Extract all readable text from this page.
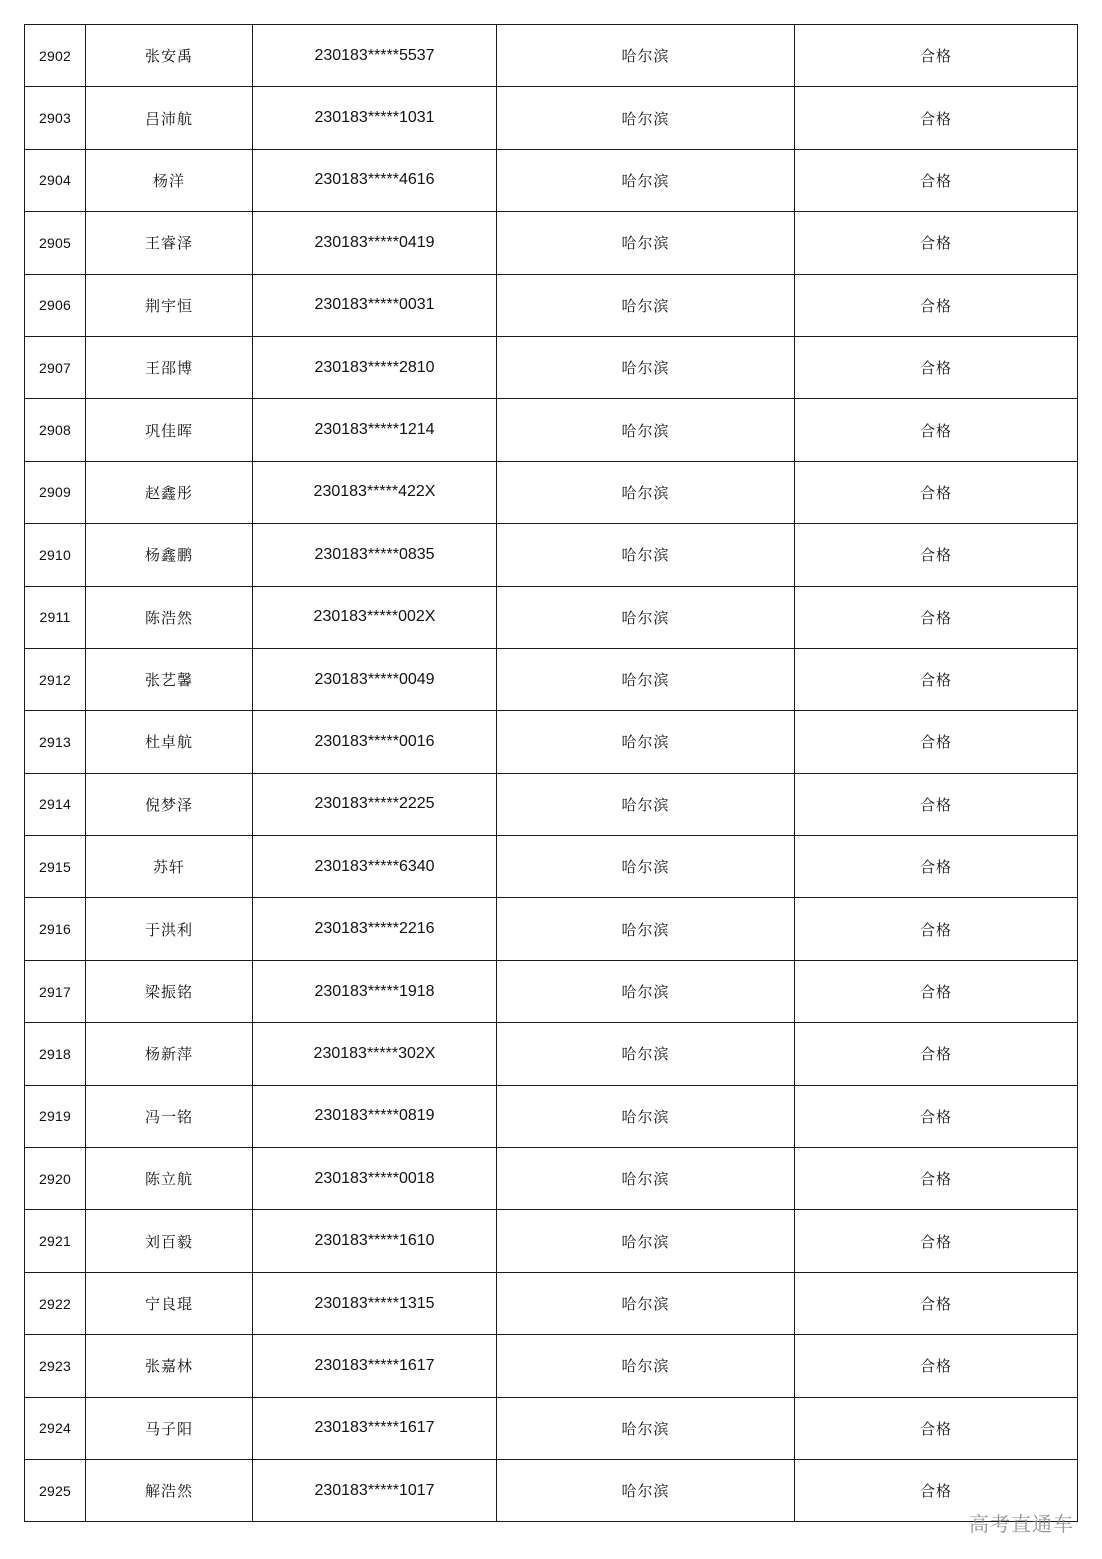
2902	张安禹	230183*****5537	哈尔滨	合格
2903	吕沛航	230183*****1031	哈尔滨	合格
2904	杨洋	230183*****4616	哈尔滨	合格
2905	王睿泽	230183*****0419	哈尔滨	合格
2906	荆宇恒	230183*****0031	哈尔滨	合格
2907	王邵博	230183*****2810	哈尔滨	合格
2908	巩佳晖	230183*****1214	哈尔滨	合格
2909	赵鑫彤	230183*****422X	哈尔滨	合格
2910	杨鑫鹏	230183*****0835	哈尔滨	合格
2911	陈浩然	230183*****002X	哈尔滨	合格
2912	张艺馨	230183*****0049	哈尔滨	合格
2913	杜卓航	230183*****0016	哈尔滨	合格
2914	倪梦泽	230183*****2225	哈尔滨	合格
2915	苏轩	230183*****6340	哈尔滨	合格
2916	于洪利	230183*****2216	哈尔滨	合格
2917	梁振铭	230183*****1918	哈尔滨	合格
2918	杨新萍	230183*****302X	哈尔滨	合格
2919	冯一铭	230183*****0819	哈尔滨	合格
2920	陈立航	230183*****0018	哈尔滨	合格
2921	刘百毅	230183*****1610	哈尔滨	合格
2922	宁良琨	230183*****1315	哈尔滨	合格
2923	张嘉林	230183*****1617	哈尔滨	合格
2924	马子阳	230183*****1617	哈尔滨	合格
2925	解浩然	230183*****1017	哈尔滨	合格
高考直通车
